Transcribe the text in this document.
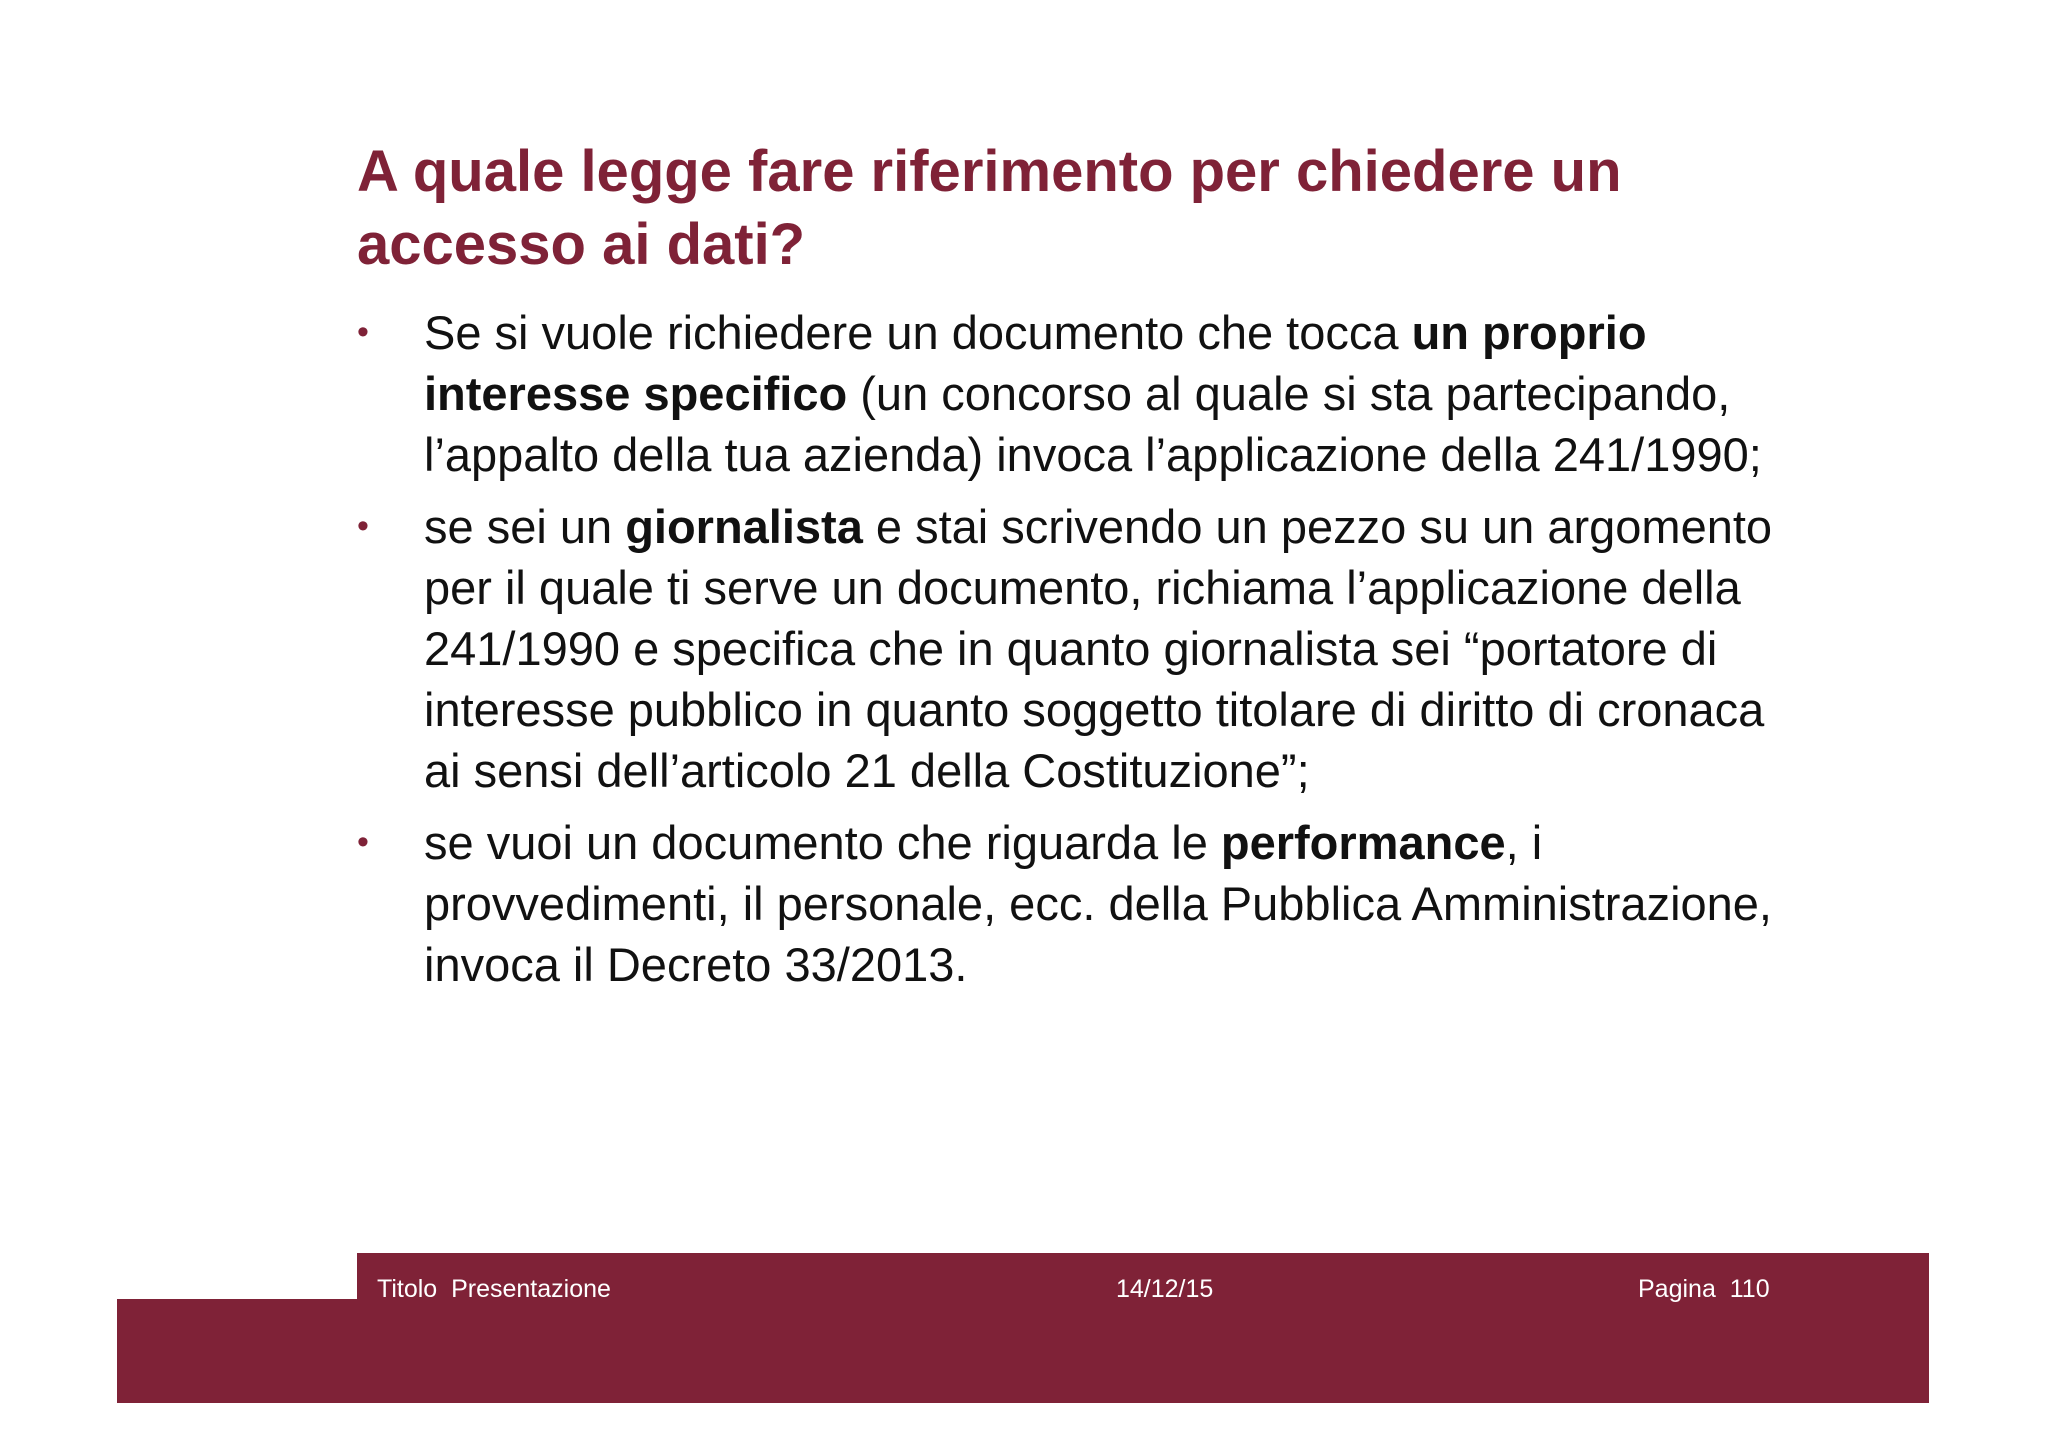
A quale legge fare riferimento per chiedere un accesso ai dati?
• Se si vuole richiedere un documento che tocca un proprio interesse specifico (un concorso al quale si sta partecipando, l’appalto della tua azienda) invoca l’applicazione della 241/1990;
• se sei un giornalista e stai scrivendo un pezzo su un argomento per il quale ti serve un documento, richiama l’applicazione della 241/1990 e specifica che in quanto giornalista sei “portatore di interesse pubblico in quanto soggetto titolare di diritto di cronaca ai sensi dell’articolo 21 della Costituzione”;
• se vuoi un documento che riguarda le performance, i provvedimenti, il personale, ecc. della Pubblica Amministrazione, invoca il Decreto 33/2013.
Titolo  Presentazione	14/12/15	Pagina  110
